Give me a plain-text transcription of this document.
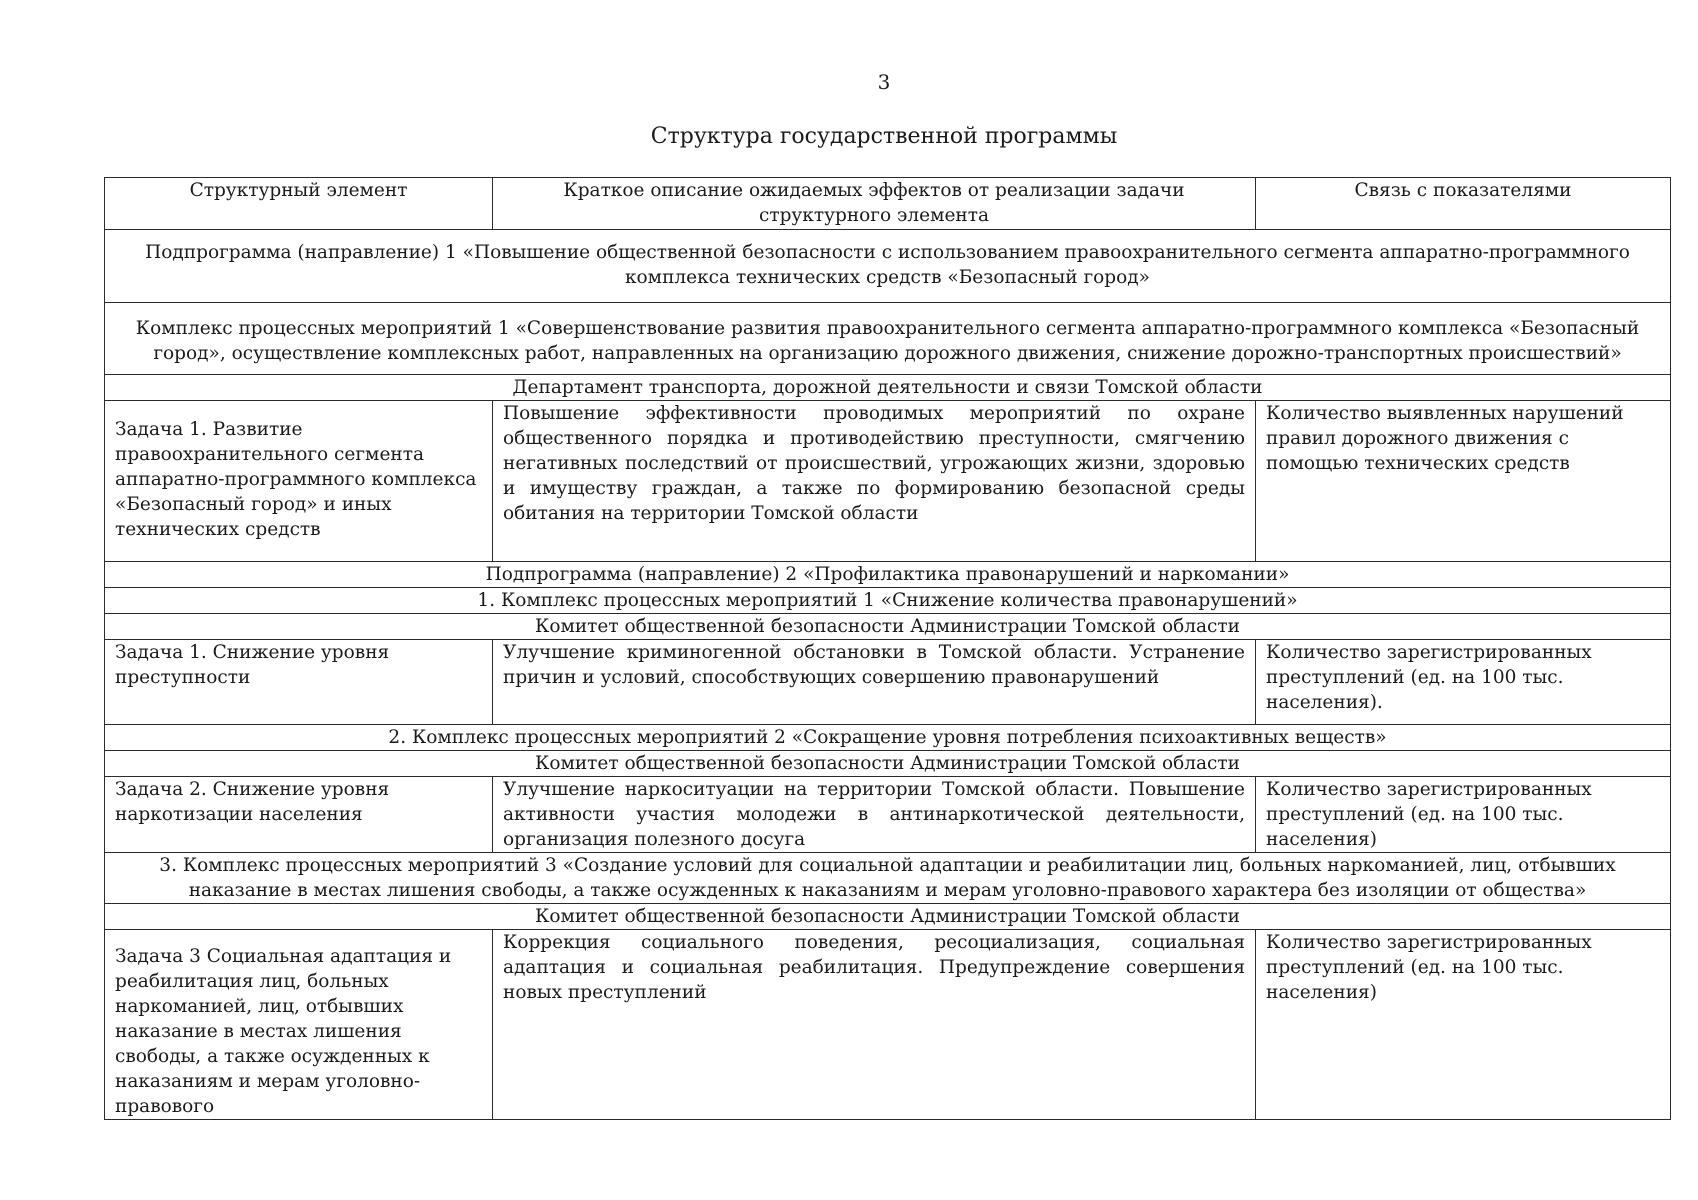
3
Структура государственной программы
Структурный элемент	Краткое описание ожидаемых эффектов от реализации задачи структурного элемента	Связь с показателями
Подпрограмма (направление) 1 «Повышение общественной безопасности с использованием правоохранительного сегмента аппаратно-программного комплекса технических средств «Безопасный город»		
Комплекс процессных мероприятий 1 «Совершенствование развития правоохранительного сегмента аппаратно-программного комплекса «Безопасный город», осуществление комплексных работ, направленных на организацию дорожного движения, снижение дорожно-транспортных происшествий»		
Департамент транспорта, дорожной деятельности и связи Томской области		
Задача 1. Развитие правоохранительного сегмента аппаратно-программного комплекса «Безопасный город» и иных технических средств	Повышение эффективности проводимых мероприятий по охране общественного порядка и противодействию преступности, смягчению негативных последствий от происшествий, угрожающих жизни, здоровью и имуществу граждан, а также по формированию безопасной среды обитания на территории Томской области	Количество выявленных нарушений правил дорожного движения с помощью технических средств
Подпрограмма (направление) 2 «Профилактика правонарушений и наркомании»		
1. Комплекс процессных мероприятий 1 «Снижение количества правонарушений»		
Комитет общественной безопасности Администрации Томской области		
Задача 1. Снижение уровня преступности	Улучшение криминогенной обстановки в Томской области. Устранение причин и условий, способствующих совершению правонарушений	Количество зарегистрированных преступлений (ед. на 100 тыс. населения).
2. Комплекс процессных мероприятий 2 «Сокращение уровня потребления психоактивных веществ»		
Комитет общественной безопасности Администрации Томской области		
Задача 2. Снижение уровня наркотизации населения	Улучшение наркоситуации на территории Томской области. Повышение активности участия молодежи в антинаркотической деятельности, организация полезного досуга	Количество зарегистрированных преступлений (ед. на 100 тыс. населения)
3. Комплекс процессных мероприятий 3 «Создание условий для социальной адаптации и реабилитации лиц, больных наркоманией, лиц, отбывших наказание в местах лишения свободы, а также осужденных к наказаниям и мерам уголовно-правового характера без изоляции от общества»		
Комитет общественной безопасности Администрации Томской области		
Задача 3 Социальная адаптация и реабилитация лиц, больных наркоманией, лиц, отбывших наказание в местах лишения свободы, а также осужденных к наказаниям и мерам уголовно-правового	Коррекция социального поведения, ресоциализация, социальная адаптация и социальная реабилитация. Предупреждение совершения новых преступлений	Количество зарегистрированных преступлений (ед. на 100 тыс. населения)
